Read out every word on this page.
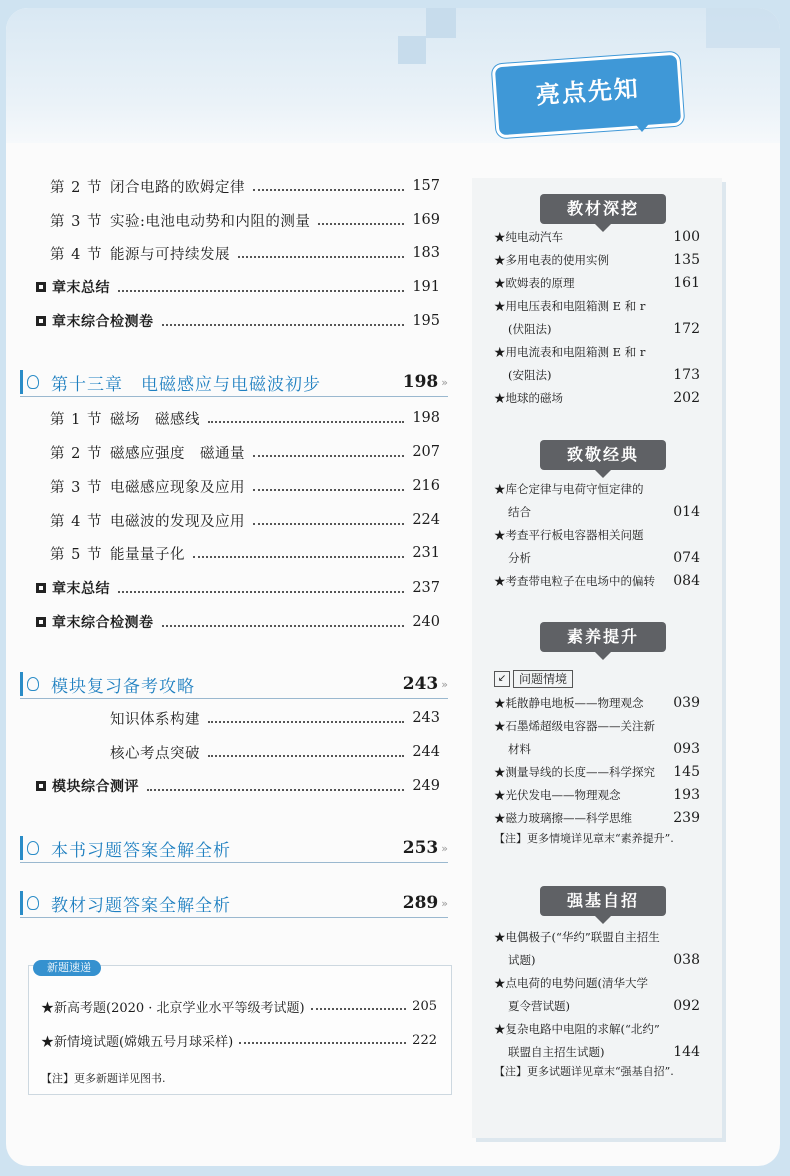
第 2 节 闭合电路的欧姆定律	157
第 3 节 实验:电池电动势和内阻的测量	169
第 4 节 能源与可持续发展	183
章末总结	191
章末综合检测卷	195
第十三章　电磁感应与电磁波初步	198 »
第 1 节 磁场　磁感线	198
第 2 节 磁感应强度　磁通量	207
第 3 节 电磁感应现象及应用	216
第 4 节 电磁波的发现及应用	224
第 5 节 能量量子化	231
章末总结	237
章末综合检测卷	240
模块复习备考攻略	243 »
知识体系构建	243
核心考点突破	244
模块综合测评	249
本书习题答案全解全析	253 »
教材习题答案全解全析	289 »
新题速递
★新高考题(2020 · 北京学业水平等级考试题)	205
★新情境试题(嫦娥五号月球采样)	222
【注】更多新题详见图书.
亮点先知
教材深挖
★纯电动汽车	100
★多用电表的使用实例	135
★欧姆表的原理	161
★用电压表和电阻箱测 E 和 r
(伏阻法)	172
★用电流表和电阻箱测 E 和 r
(安阻法)	173
★地球的磁场	202
致敬经典
★库仑定律与电荷守恒定律的
结合	014
★考查平行板电容器相关问题
分析	074
★考查带电粒子在电场中的偏转	084
素养提升
★耗散静电地板——物理观念	039
★石墨烯超级电容器——关注新
材料	093
★测量导线的长度——科学探究	145
★光伏发电——物理观念	193
★磁力玻璃擦——科学思维	239
强基自招
★电偶极子(“华约”联盟自主招生
试题)	038
★点电荷的电势问题(清华大学
夏令营试题)	092
★复杂电路中电阻的求解(“北约”
联盟自主招生试题)	144
↙	问题情境
【注】更多情境详见章末“素养提升”.
【注】更多试题详见章末“强基自招”.
